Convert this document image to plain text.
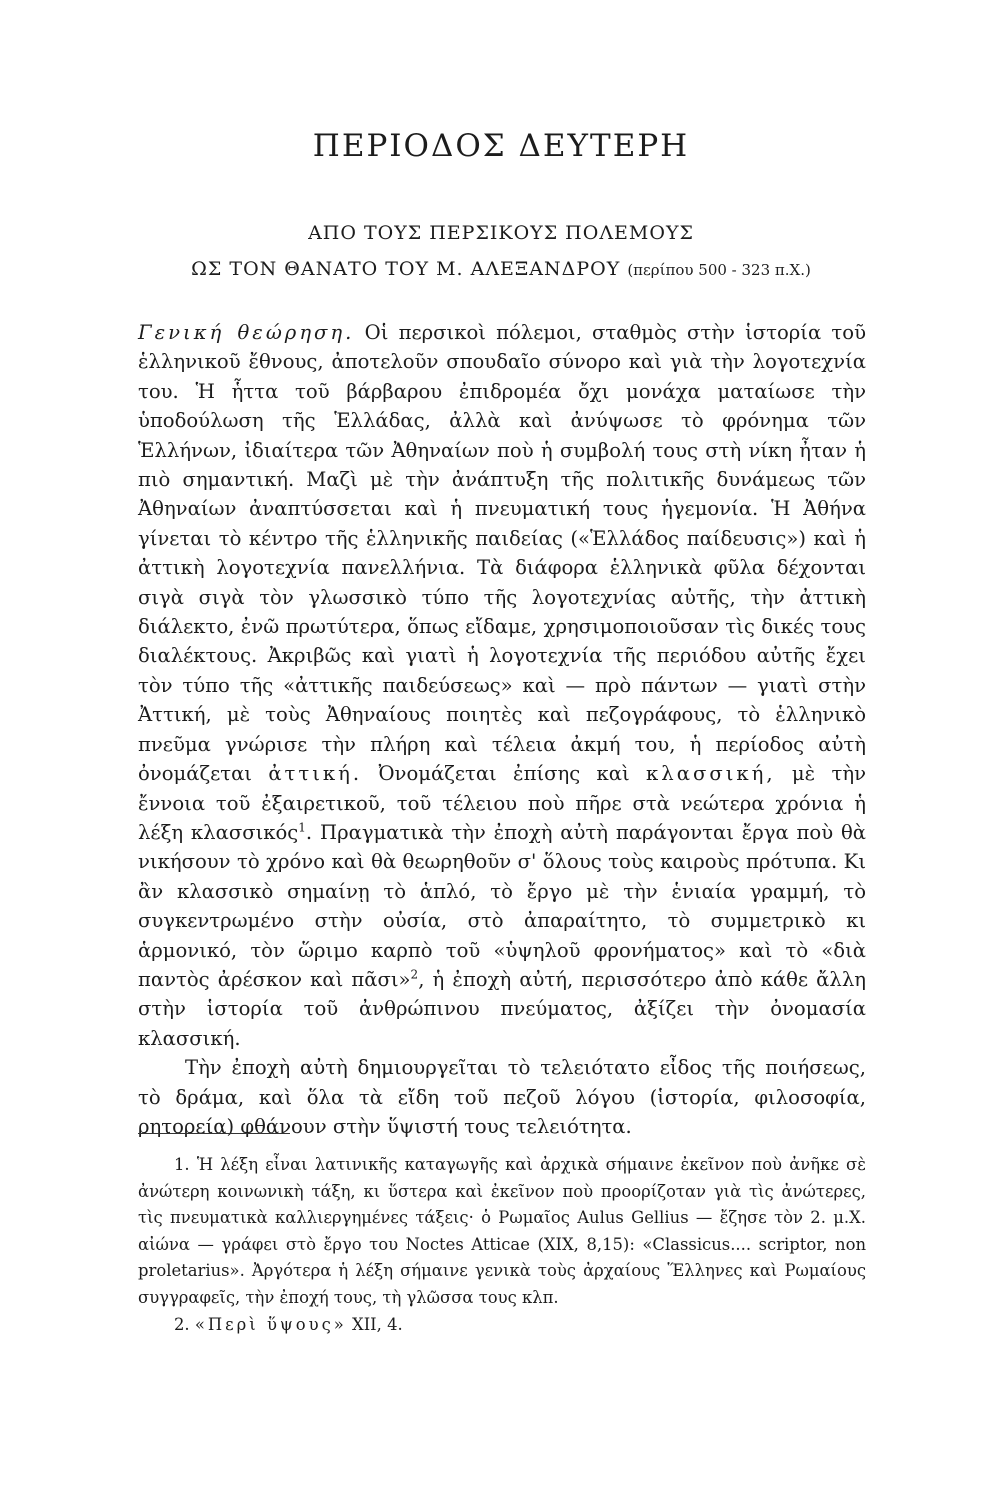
ΠΕΡΙΟΔΟΣ ΔΕΥΤΕΡΗ
ΑΠΟ ΤΟΥΣ ΠΕΡΣΙΚΟΥΣ ΠΟΛΕΜΟΥΣ
ΩΣ ΤΟΝ ΘΑΝΑΤΟ ΤΟΥ Μ. ΑΛΕΞΑΝΔΡΟΥ (περίπου 500 - 323 π.Χ.)

Γενική θεώρηση. Οἱ περσικοὶ πόλεμοι, σταθμὸς στὴν ἱστορία τοῦ ἑλληνικοῦ ἔθνους, ἀποτελοῦν σπουδαῖο σύνορο καὶ γιὰ τὴν λογοτεχνία του. Ἡ ἧττα τοῦ βάρβαρου ἐπιδρομέα ὄχι μονάχα ματαίωσε τὴν ὑποδούλωση τῆς Ἑλλάδας, ἀλλὰ καὶ ἀνύψωσε τὸ φρόνημα τῶν Ἑλλήνων, ἰδιαίτερα τῶν Ἀθηναίων ποὺ ἡ συμβολή τους στὴ νίκη ἦταν ἡ πιὸ σημαντική. Μαζὶ μὲ τὴν ἀνάπτυξη τῆς πολιτικῆς δυνάμεως τῶν Ἀθηναίων ἀναπτύσσεται καὶ ἡ πνευματική τους ἡγεμονία. Ἡ Ἀθήνα γίνεται τὸ κέντρο τῆς ἑλληνικῆς παιδείας («Ἑλλάδος παίδευσις») καὶ ἡ ἀττικὴ λογοτεχνία πανελλήνια. Τὰ διάφορα ἑλληνικὰ φῦλα δέχονται σιγὰ σιγὰ τὸν γλωσσικὸ τύπο τῆς λογοτεχνίας αὐτῆς, τὴν ἀττικὴ διάλεκτο, ἐνῶ πρωτύτερα, ὅπως εἴδαμε, χρησιμοποιοῦσαν τὶς δικές τους διαλέκτους. Ἀκριβῶς καὶ γιατὶ ἡ λογοτεχνία τῆς περιόδου αὐτῆς ἔχει τὸν τύπο τῆς «ἀττικῆς παιδεύσεως» καὶ — πρὸ πάντων — γιατὶ στὴν Ἀττική, μὲ τοὺς Ἀθηναίους ποιητὲς καὶ πεζογράφους, τὸ ἑλληνικὸ πνεῦμα γνώρισε τὴν πλήρη καὶ τέλεια ἀκμή του, ἡ περίοδος αὐτὴ ὀνομάζεται ἀττική. Ὀνομάζεται ἐπίσης καὶ κλασσική, μὲ τὴν ἔννοια τοῦ ἐξαιρετικοῦ, τοῦ τέλειου ποὺ πῆρε στὰ νεώτερα χρόνια ἡ λέξη κλασσικός$^1$. Πραγματικὰ τὴν ἐποχὴ αὐτὴ παράγονται ἔργα ποὺ θὰ νικήσουν τὸ χρόνο καὶ θὰ θεωρηθοῦν σ' ὅλους τοὺς καιροὺς πρότυπα. Κι ἂν κλασσικὸ σημαίνῃ τὸ ἁπλό, τὸ ἔργο μὲ τὴν ἑνιαία γραμμή, τὸ συγκεντρωμένο στὴν οὐσία, στὸ ἀπαραίτητο, τὸ συμμετρικὸ κι ἁρμονικό, τὸν ὥριμο καρπὸ τοῦ «ὑψηλοῦ φρονήματος» καὶ τὸ «διὰ παντὸς ἀρέσκον καὶ πᾶσι»$^2$, ἡ ἐποχὴ αὐτή, περισσότερο ἀπὸ κάθε ἄλλη στὴν ἱστορία τοῦ ἀνθρώπινου πνεύματος, ἀξίζει τὴν ὀνομασία κλασσική.

Τὴν ἐποχὴ αὐτὴ δημιουργεῖται τὸ τελειότατο εἶδος τῆς ποιήσεως, τὸ δράμα, καὶ ὅλα τὰ εἴδη τοῦ πεζοῦ λόγου (ἱστορία, φιλοσοφία, ρητορεία) φθάνουν στὴν ὕψιστή τους τελειότητα.

1. Ἡ λέξη εἶναι λατινικῆς καταγωγῆς καὶ ἀρχικὰ σήμαινε ἐκεῖνον ποὺ ἀνῆκε σὲ ἀνώτερη κοινωνικὴ τάξη, κι ὕστερα καὶ ἐκεῖνον ποὺ προορίζοταν γιὰ τὶς ἀνώτερες, τὶς πνευματικὰ καλλιεργημένες τάξεις· ὁ Ρωμαῖος Aulus Gellius — ἔζησε τὸν 2. μ.Χ. αἰώνα — γράφει στὸ ἔργο του Noctes Atticae (XIX, 8,15): «Classicus.... scriptor, non proletarius». Ἀργότερα ἡ λέξη σήμαινε γενικὰ τοὺς ἀρχαίους Ἕλληνες καὶ Ρωμαίους συγγραφεῖς, τὴν ἐποχή τους, τὴ γλῶσσα τους κλπ.

2. «Περὶ ὕψους» XII, 4.
